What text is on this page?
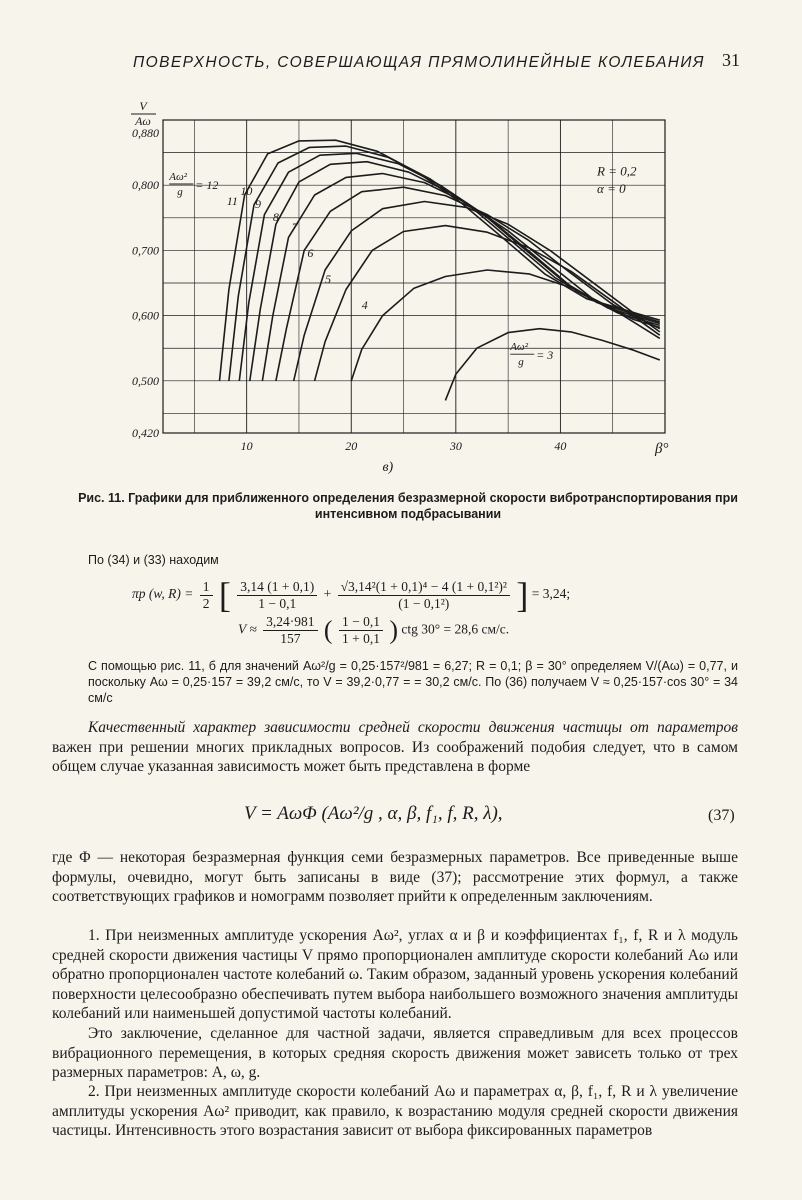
ПОВЕРХНОСТЬ, СОВЕРШАЮЩАЯ ПРЯМОЛИНЕЙНЫЕ КОЛЕБАНИЯ 31
10	20	30	40
0,420
0,500
0,600
0,700
0,800
0,880
V
Aω
β°
в)
R = 0,2
α = 0
Aω²
g = 3
4
5
6
7
8
9
10
11
Aω²
g = 12
Рис. 11. Графики для приближенного определения безразмерной скорости вибротранспортирования при интенсивном подбрасывании
По (34) и (33) находим
πp (w, $R) = \frac{1}{2}$ [ $\frac{3,14 (1 + 0,1)}{1 - 0,1} + \frac{\text{√3,14²(1 + 0,1)⁴ − 4 (1 + 0,1²)²}}{\text{(1 − 0,1²)}}$ ] = 3,24;
$V \approx \frac{3,24\cdot 981}{157}$ ( $\frac{1 - 0,1}{1 + 0,1}$ ) ctg 30° = 28,6 см/с.
С помощью рис. 11, б для значений Aω²/g = 0,25·157²/981 = 6,27; R = 0,1; β = 30° определяем V/(Aω) = 0,77, и поскольку Aω = 0,25·157 = 39,2 см/с, то V = 39,2·0,77 = = 30,2 см/с. По (36) получаем V ≈ 0,25·157·cos 30° = 34 см/с
Качественный характер зависимости средней скорости движения частицы от параметров важен при решении многих прикладных вопросов. Из соображений подобия следует, что в самом общем случае указанная зависимость может быть представлена в форме
V = AωΦ (Aω²/g , α, β, f₁, f, R, λ),	(37)
где Φ — некоторая безразмерная функция семи безразмерных параметров. Все приведенные выше формулы, очевидно, могут быть записаны в виде (37); рассмотрение этих формул, а также соответствующих графиков и номограмм позволяет прийти к определенным заключениям.
1. При неизменных амплитуде ускорения Aω², углах α и β и коэффициентах f₁, f, R и λ модуль средней скорости движения частицы V прямо пропорционален амплитуде скорости колебаний Aω или обратно пропорционален частоте колебаний ω. Таким образом, заданный уровень ускорения колебаний поверхности целесообразно обеспечивать путем выбора наибольшего возможного значения амплитуды колебаний или наименьшей допустимой частоты колебаний.
Это заключение, сделанное для частной задачи, является справедливым для всех процессов вибрационного перемещения, в которых средняя скорость движения может зависеть только от трех размерных параметров: A, ω, g.
2. При неизменных амплитуде скорости колебаний Aω и параметрах α, β, f₁, f, R и λ увеличение амплитуды ускорения Aω² приводит, как правило, к возрастанию модуля средней скорости движения частицы. Интенсивность этого возрастания зависит от выбора фиксированных параметров
